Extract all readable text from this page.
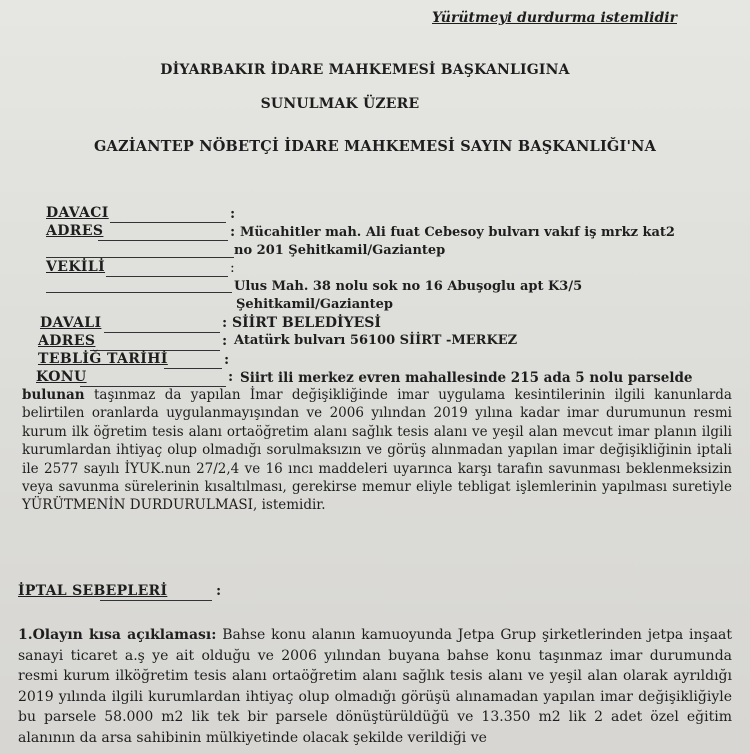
Yürütmeyi durdurma istemlidir
DİYARBAKIR İDARE MAHKEMESİ BAŞKANLIGINA
SUNULMAK ÜZERE
GAZİANTEP NÖBETÇİ İDARE MAHKEMESİ SAYIN BAŞKANLIĞI'NA
DAVACI	:
ADRES	: Mücahitler mah. Ali fuat Cebesoy bulvarı vakıf iş mrkz kat2
no 201 Şehitkamil/Gaziantep
VEKİLİ	:
Ulus Mah. 38 nolu sok no 16 Abuşoglu apt K3/5
Şehitkamil/Gaziantep
DAVALI	: SİİRT BELEDİYESİ
ADRES	: Atatürk bulvarı 56100 SİİRT -MERKEZ
TEBLİĞ TARİHİ	:
KONU	: Siirt ili merkez evren mahallesinde 215 ada 5 nolu parselde

bulunan taşınmaz da yapılan İmar değişikliğinde imar uygulama kesintilerinin ilgili kanunlarda belirtilen oranlarda uygulanmayışından ve 2006 yılından 2019 yılına kadar imar durumunun resmi kurum ilk öğretim tesis alanı ortaöğretim alanı sağlık tesis alanı ve yeşil alan mevcut imar planın ilgili kurumlardan ihtiyaç olup olmadığı sorulmaksızın ve görüş alınmadan yapılan imar değişikliğinin iptali ile 2577 sayılı İYUK.nun 27/2,4 ve 16 ıncı maddeleri uyarınca karşı tarafın savunması beklenmeksizin veya savunma sürelerinin kısaltılması, gerekirse memur eliyle tebligat işlemlerinin yapılması suretiyle YÜRÜTMENİN DURDURULMASI, istemidir.

İPTAL SEBEPLERİ	:

1.Olayın kısa açıklaması: Bahse konu alanın kamuoyunda Jetpa Grup şirketlerinden jetpa inşaat sanayi ticaret a.ş ye ait olduğu ve 2006 yılından buyana bahse konu taşınmaz imar durumunda resmi kurum ilköğretim tesis alanı ortaöğretim alanı sağlık tesis alanı ve yeşil alan olarak ayrıldığı 2019 yılında ilgili kurumlardan ihtiyaç olup olmadığı görüşü alınamadan yapılan imar değişikliğiyle bu parsele 58.000 m2 lik tek bir parsele dönüştürüldüğü ve 13.350 m2 lik 2 adet özel eğitim alanının da arsa sahibinin mülkiyetinde olacak şekilde verildiği ve
